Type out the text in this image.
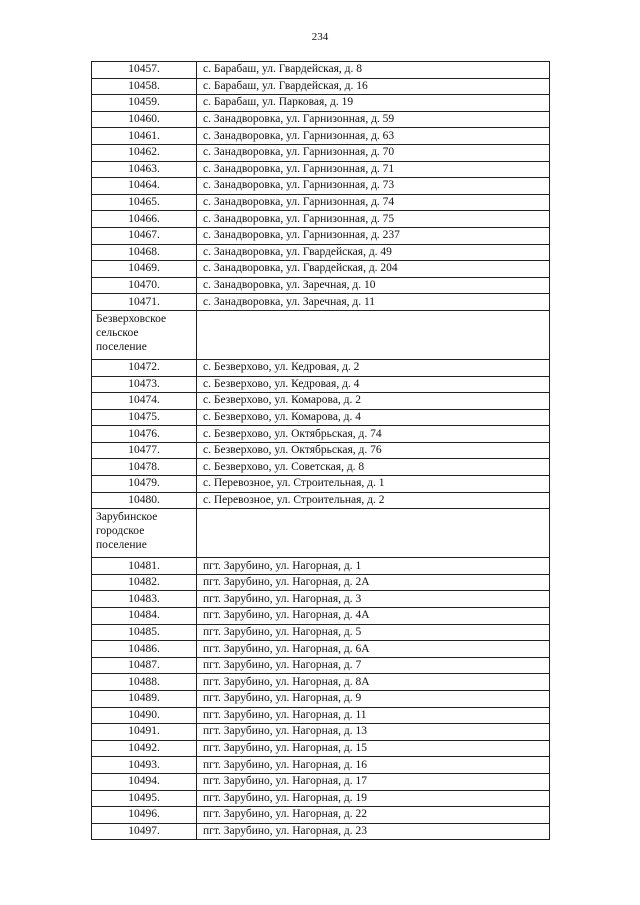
234
10457.	с. Барабаш, ул. Гвардейская, д. 8
10458.	с. Барабаш, ул. Гвардейская, д. 16
10459.	с. Барабаш, ул. Парковая, д. 19
10460.	с. Занадворовка, ул. Гарнизонная, д. 59
10461.	с. Занадворовка, ул. Гарнизонная, д. 63
10462.	с. Занадворовка, ул. Гарнизонная, д. 70
10463.	с. Занадворовка, ул. Гарнизонная, д. 71
10464.	с. Занадворовка, ул. Гарнизонная, д. 73
10465.	с. Занадворовка, ул. Гарнизонная, д. 74
10466.	с. Занадворовка, ул. Гарнизонная, д. 75
10467.	с. Занадворовка, ул. Гарнизонная, д. 237
10468.	с. Занадворовка, ул. Гвардейская, д. 49
10469.	с. Занадворовка, ул. Гвардейская, д. 204
10470.	с. Занадворовка, ул. Заречная, д. 10
10471.	с. Занадворовка, ул. Заречная, д. 11
Безверховское сельское поселение	
10472.	с. Безверхово, ул. Кедровая, д. 2
10473.	с. Безверхово, ул. Кедровая, д. 4
10474.	с. Безверхово, ул. Комарова, д. 2
10475.	с. Безверхово, ул. Комарова, д. 4
10476.	с. Безверхово, ул. Октябрьская, д. 74
10477.	с. Безверхово, ул. Октябрьская, д. 76
10478.	с. Безверхово, ул. Советская, д. 8
10479.	с. Перевозное, ул. Строительная, д. 1
10480.	с. Перевозное, ул. Строительная, д. 2
Зарубинское городское поселение	
10481.	пгт. Зарубино, ул. Нагорная, д. 1
10482.	пгт. Зарубино, ул. Нагорная, д. 2А
10483.	пгт. Зарубино, ул. Нагорная, д. 3
10484.	пгт. Зарубино, ул. Нагорная, д. 4А
10485.	пгт. Зарубино, ул. Нагорная, д. 5
10486.	пгт. Зарубино, ул. Нагорная, д. 6А
10487.	пгт. Зарубино, ул. Нагорная, д. 7
10488.	пгт. Зарубино, ул. Нагорная, д. 8А
10489.	пгт. Зарубино, ул. Нагорная, д. 9
10490.	пгт. Зарубино, ул. Нагорная, д. 11
10491.	пгт. Зарубино, ул. Нагорная, д. 13
10492.	пгт. Зарубино, ул. Нагорная, д. 15
10493.	пгт. Зарубино, ул. Нагорная, д. 16
10494.	пгт. Зарубино, ул. Нагорная, д. 17
10495.	пгт. Зарубино, ул. Нагорная, д. 19
10496.	пгт. Зарубино, ул. Нагорная, д. 22
10497.	пгт. Зарубино, ул. Нагорная, д. 23
